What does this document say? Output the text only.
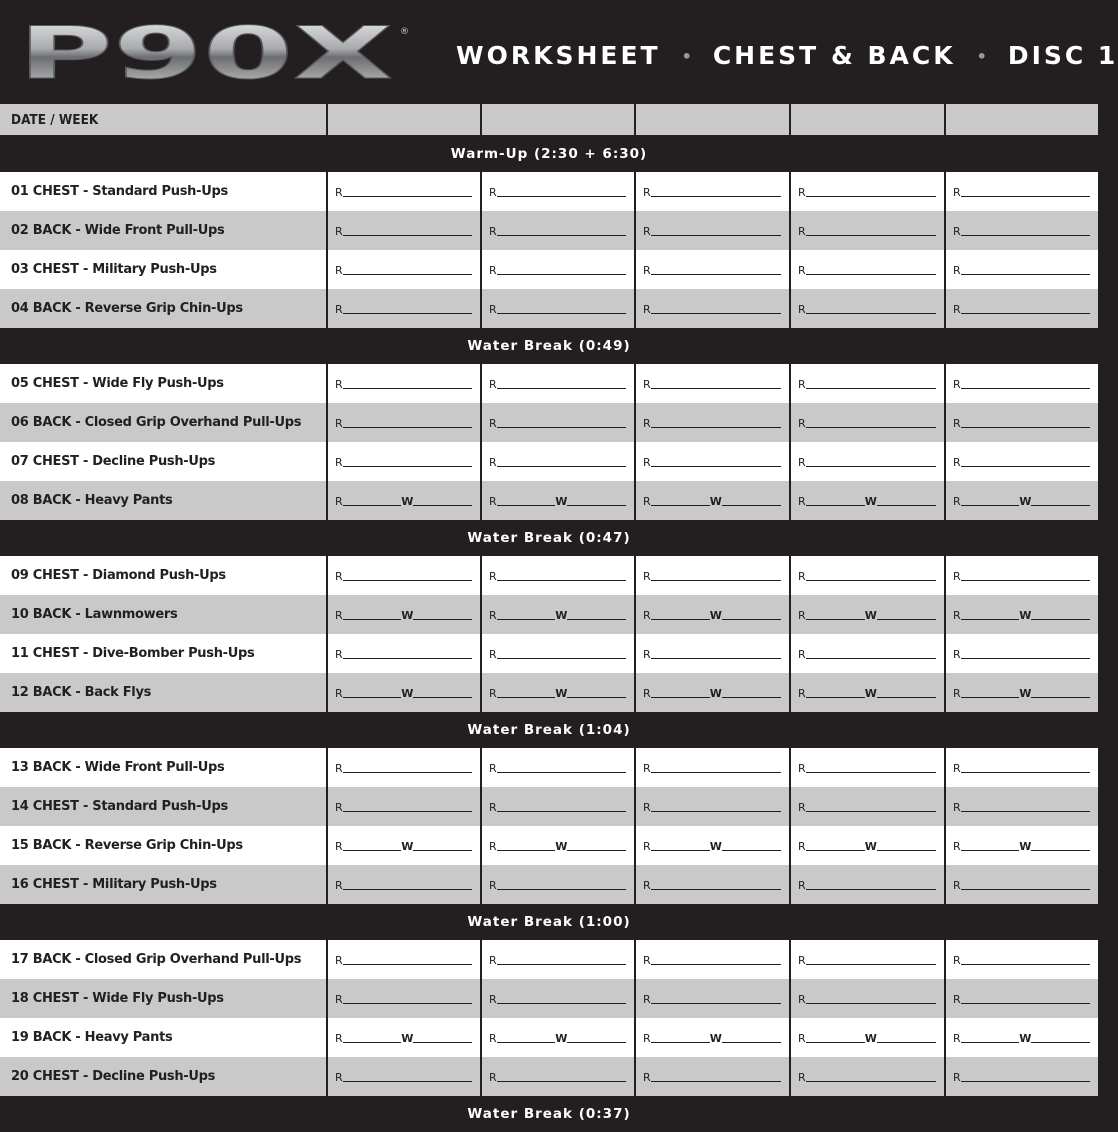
P90X ®
WORKSHEET • CHEST & BACK • DISC 1
DATE / WEEK					
Warm-Up (2:30 + 6:30)					
01 CHEST - Standard Push-Ups	R	R	R	R	R

02 BACK - Wide Front Pull-Ups	R	R	R	R	R

03 CHEST - Military Push-Ups	R	R	R	R	R

04 BACK - Reverse Grip Chin-Ups	R	R	R	R	R

Water Break (0:49)					
05 CHEST - Wide Fly Push-Ups	R	R	R	R	R

06 BACK - Closed Grip Overhand Pull-Ups	R	R	R	R	R

07 CHEST - Decline Push-Ups	R	R	R	R	R

08 BACK - Heavy Pants	R W	R W	R W	R W	R W

Water Break (0:47)					
09 CHEST - Diamond Push-Ups	R	R	R	R	R

10 BACK - Lawnmowers	R W	R W	R W	R W	R W

11 CHEST - Dive-Bomber Push-Ups	R	R	R	R	R

12 BACK - Back Flys	R W	R W	R W	R W	R W

Water Break (1:04)					
13 BACK - Wide Front Pull-Ups	R	R	R	R	R

14 CHEST - Standard Push-Ups	R	R	R	R	R

15 BACK - Reverse Grip Chin-Ups	R W	R W	R W	R W	R W

16 CHEST - Military Push-Ups	R	R	R	R	R

Water Break (1:00)					
17 BACK - Closed Grip Overhand Pull-Ups	R	R	R	R	R

18 CHEST - Wide Fly Push-Ups	R	R	R	R	R

19 BACK - Heavy Pants	R W	R W	R W	R W	R W

20 CHEST - Decline Push-Ups	R	R	R	R	R

Water Break (0:37)					
